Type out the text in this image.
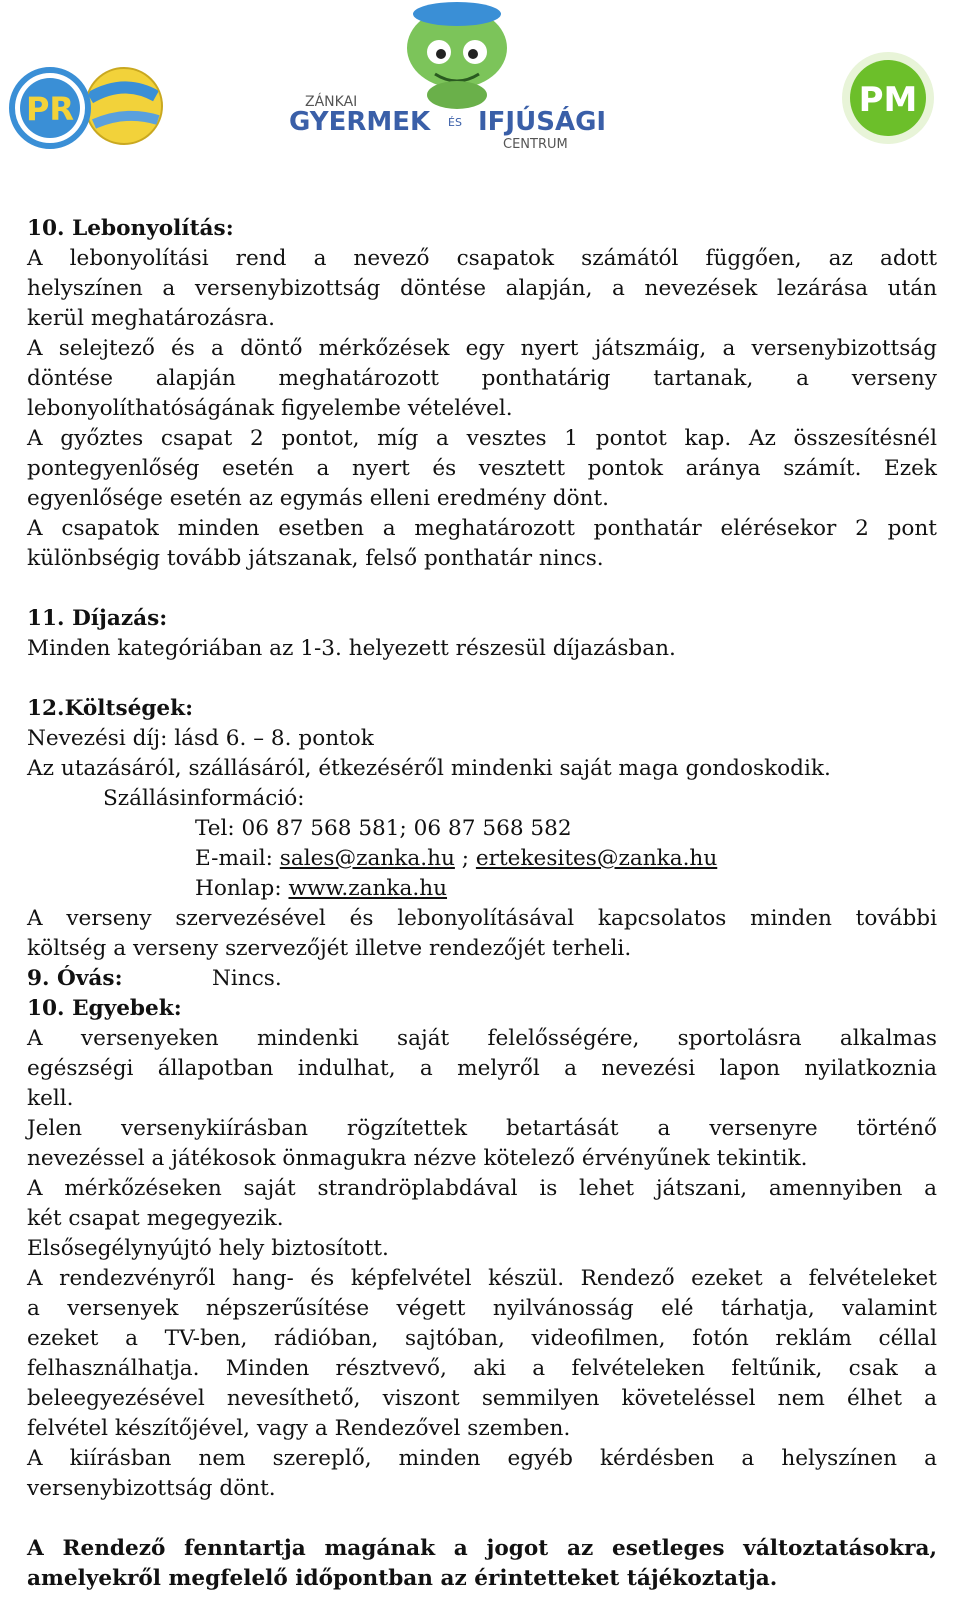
PR	ZÁNKAI
GYERMEK ÉS IFJÚSÁGI
CENTRUM
PM

10. Lebonyolítás:

A lebonyolítási rend a nevező csapatok számától függően, az adott

helyszínen a versenybizottság döntése alapján, a nevezések lezárása után

kerül meghatározásra.

A selejtező és a döntő mérkőzések egy nyert játszmáig, a versenybizottság

döntése alapján meghatározott ponthatárig tartanak, a verseny

lebonyolíthatóságának figyelembe vételével.

A győztes csapat 2 pontot, míg a vesztes 1 pontot kap. Az összesítésnél

pontegyenlőség esetén a nyert és vesztett pontok aránya számít. Ezek

egyenlősége esetén az egymás elleni eredmény dönt.

A csapatok minden esetben a meghatározott ponthatár elérésekor 2 pont

különbségig tovább játszanak, felső ponthatár nincs.

11. Díjazás:

Minden kategóriában az 1-3. helyezett részesül díjazásban.

12.Költségek:

Nevezési díj: lásd 6. – 8. pontok

Az utazásáról, szállásáról, étkezéséről mindenki saját maga gondoskodik.

Szállásinformáció:

Tel: 06 87 568 581; 06 87 568 582

E-mail: sales@zanka.hu ; ertekesites@zanka.hu

Honlap: www.zanka.hu

A verseny szervezésével és lebonyolításával kapcsolatos minden további

költség a verseny szervezőjét illetve rendezőjét terheli.

9. Óvás:	Nincs.

10. Egyebek:

A versenyeken mindenki saját felelősségére, sportolásra alkalmas

egészségi állapotban indulhat, a melyről a nevezési lapon nyilatkoznia

kell.

Jelen versenykiírásban rögzítettek betartását a versenyre történő

nevezéssel a játékosok önmagukra nézve kötelező érvényűnek tekintik.

A mérkőzéseken saját strandröplabdával is lehet játszani, amennyiben a

két csapat megegyezik.

Elsősegélynyújtó hely biztosított.

A rendezvényről hang- és képfelvétel készül. Rendező ezeket a felvételeket

a versenyek népszerűsítése végett nyilvánosság elé tárhatja, valamint

ezeket a TV-ben, rádióban, sajtóban, videofilmen, fotón reklám céllal

felhasználhatja. Minden résztvevő, aki a felvételeken feltűnik, csak a

beleegyezésével nevesíthető, viszont semmilyen követeléssel nem élhet a

felvétel készítőjével, vagy a Rendezővel szemben.

A kiírásban nem szereplő, minden egyéb kérdésben a helyszínen a

versenybizottság dönt.

A Rendező fenntartja magának a jogot az esetleges változtatásokra,

amelyekről megfelelő időpontban az érintetteket tájékoztatja.
